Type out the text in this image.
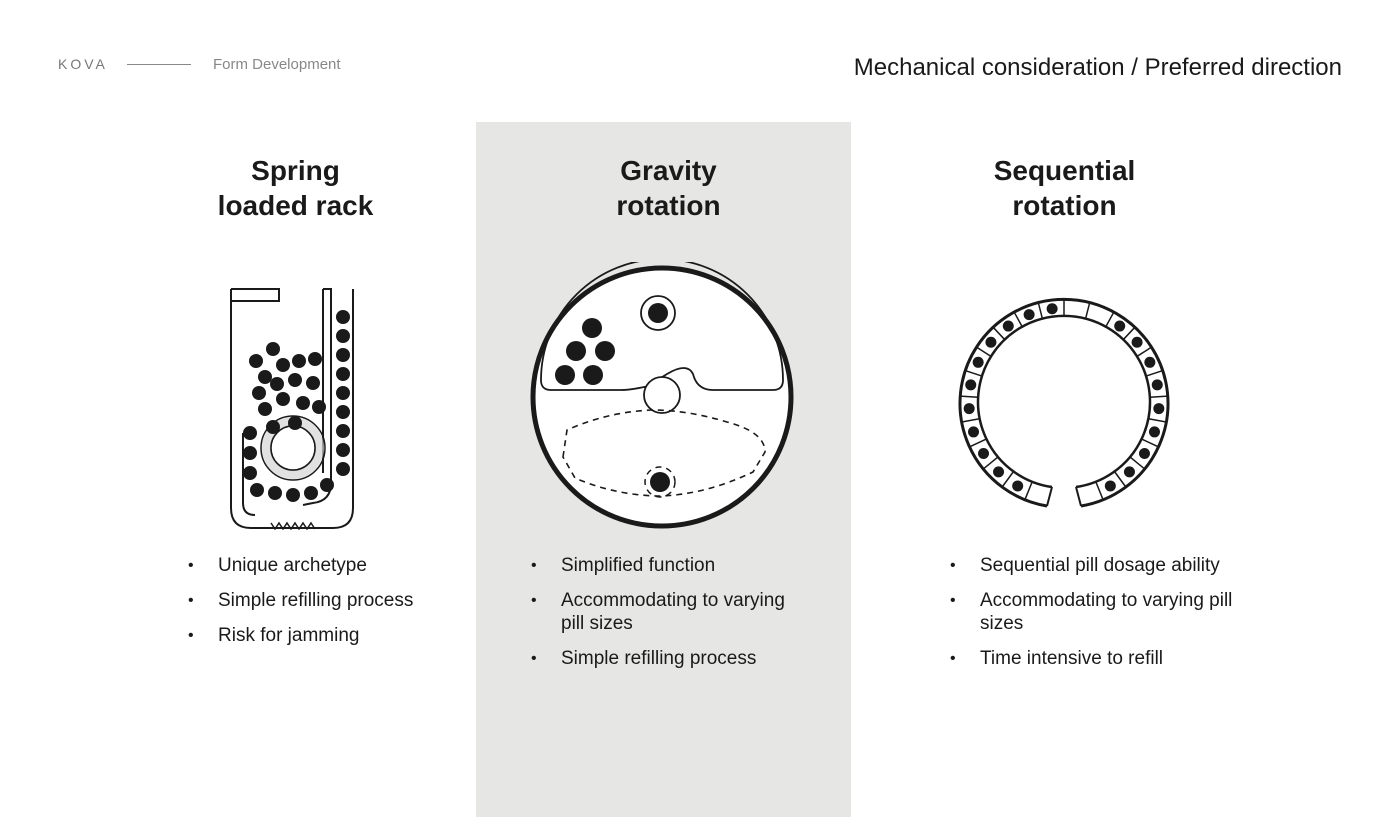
KOVA	Form Development	Mechanical consideration / Preferred direction
Spring
loaded rack
• Unique archetype
• Simple refilling process
• Risk for jamming
Gravity
rotation
• Simplified function
• Accommodating to varying pill sizes
• Simple refilling process
Sequential
rotation
• Sequential pill dosage ability
• Accommodating to varying pill sizes
• Time intensive to refill
